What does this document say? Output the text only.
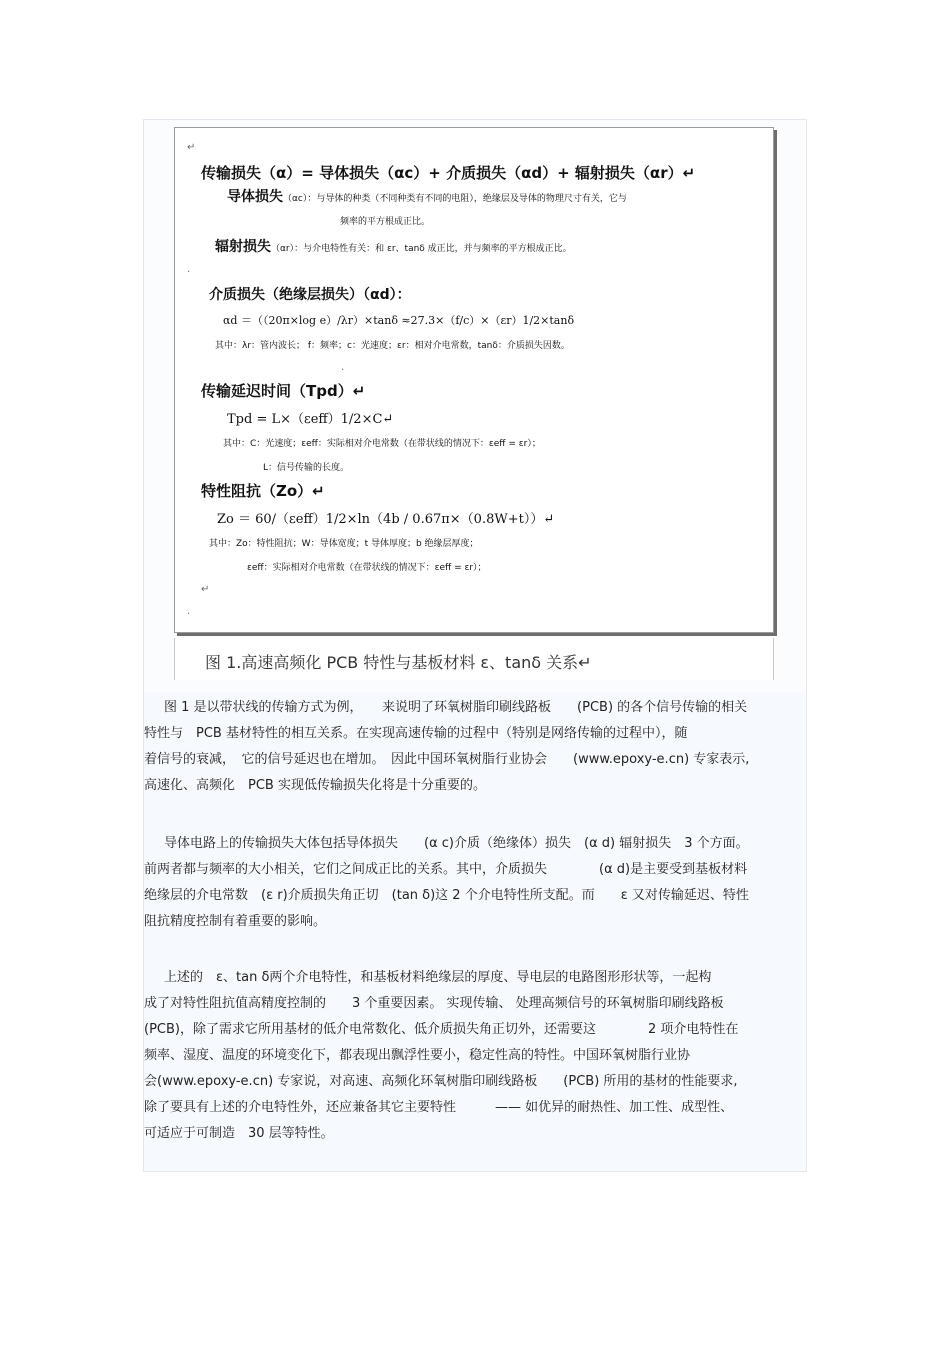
↵
传输损失（α）= 导体损失（αc）+ 介质损失（αd）+ 辐射损失（αr）↵
导体损失（αc）：与导体的种类（不同种类有不同的电阻），绝缘层及导体的物理尺寸有关，它与
频率的平方根成正比。
辐射损失（αr）：与介电特性有关：和 εr、tanδ 成正比，并与频率的平方根成正比。
.
介质损失（绝缘层损失）（αd）：
αd ＝（（20π×log e）/λr）×tanδ ≈27.3×（f/c）×（εr）1/2×tanδ
其中：λr：管内波长； f：频率；c：光速度；εr：相对介电常数，tanδ：介质损失因数。
.
传输延迟时间（Tpd）↵
Tpd = L×（εeff）1/2×C↵
其中：C：光速度；εeff：实际相对介电常数（在带状线的情况下：εeff = εr）；
L：信号传输的长度。
特性阻抗（Zo）↵
Zo ＝ 60/（εeff）1/2×ln（4b / 0.67π×（0.8W+t））↵
其中：Zo：特性阻抗；W：导体宽度；t 导体厚度；b 绝缘层厚度；
εeff：实际相对介电常数（在带状线的情况下：εeff = εr）；
↵
.
图 1.高速高频化 PCB 特性与基板材料 ε、tanδ 关系↵
图 1 是以带状线的传输方式为例，　　来说明了环氧树脂印刷线路板　　(PCB) 的各个信号传输的相关
特性与　PCB 基材特性的相互关系。在实现高速传输的过程中（特别是网络传输的过程中），随
着信号的衰减，　它的信号延迟也在增加。　因此中国环氧树脂行业协会　　(www.epoxy-e.cn) 专家表示,
高速化、高频化　PCB 实现低传输损失化将是十分重要的。
导体电路上的传输损失大体包括导体损失　　(α c)介质（绝缘体）损失　(α d) 辐射损失　3 个方面。
前两者都与频率的大小相关，它们之间成正比的关系。其中，介质损失　　　　(α d)是主要受到基板材料
绝缘层的介电常数　(ε r)介质损失角正切　(tan δ)这 2 个介电特性所支配。而　　ε 又对传输延迟、特性
阻抗精度控制有着重要的影响。
上述的　ε、tan δ两个介电特性，和基板材料绝缘层的厚度、导电层的电路图形形状等，一起构
成了对特性阻抗值高精度控制的　　3 个重要因素。 实现传输、 处理高频信号的环氧树脂印刷线路板
(PCB)，除了需求它所用基材的低介电常数化、低介质损失角正切外，还需要这　　　　2 项介电特性在
频率、湿度、温度的环境变化下，都表现出飘浮性要小，稳定性高的特性。中国环氧树脂行业协
会(www.epoxy-e.cn) 专家说，对高速、高频化环氧树脂印刷线路板　　(PCB) 所用的基材的性能要求,
除了要具有上述的介电特性外，还应兼备其它主要特性　　　—— 如优异的耐热性、加工性、成型性、
可适应于可制造　30 层等特性。
